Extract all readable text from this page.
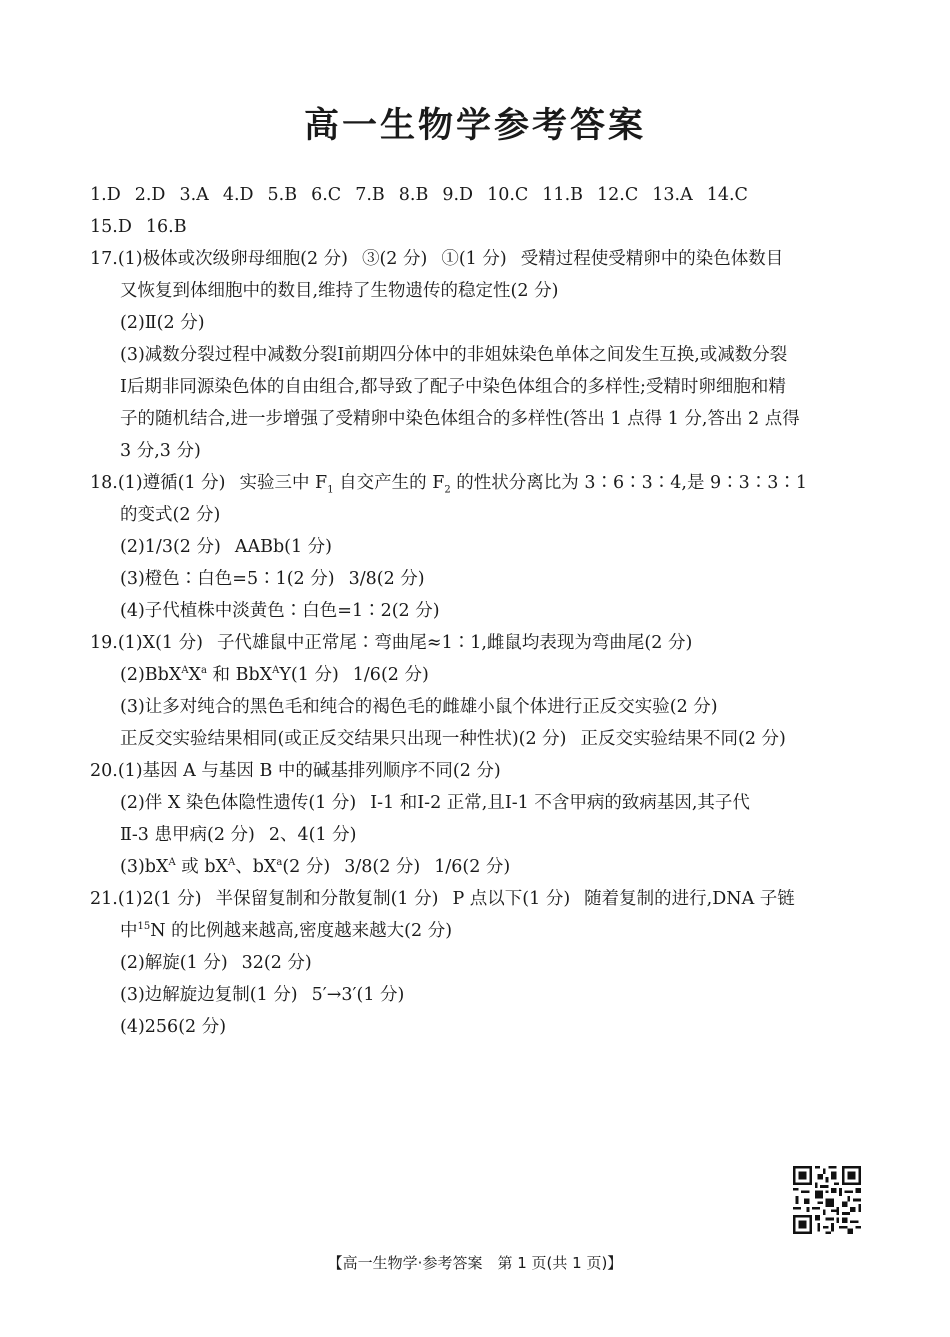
高一生物学参考答案
1.D 2.D 3.A 4.D 5.B 6.C 7.B 8.B 9.D 10.C 11.B 12.C 13.A 14.C
15.D 16.B
17.(1)极体或次级卵母细胞(2 分) ③(2 分) ①(1 分) 受精过程使受精卵中的染色体数目
又恢复到体细胞中的数目,维持了生物遗传的稳定性(2 分)
(2)Ⅱ(2 分)
(3)减数分裂过程中减数分裂Ⅰ前期四分体中的非姐妹染色单体之间发生互换,或减数分裂
Ⅰ后期非同源染色体的自由组合,都导致了配子中染色体组合的多样性;受精时卵细胞和精
子的随机结合,进一步增强了受精卵中染色体组合的多样性(答出 1 点得 1 分,答出 2 点得
3 分,3 分)
18.(1)遵循(1 分) 实验三中 $F_1$ 自交产生的 $F_2$ 的性状分离比为 3∶6∶3∶4,是 9∶3∶3∶1
的变式(2 分)
(2)1/3(2 分) AABb(1 分)
(3)橙色∶白色=5∶1(2 分) 3/8(2 分)
(4)子代植株中淡黄色∶白色=1∶2(2 分)
19.(1)X(1 分) 子代雄鼠中正常尾∶弯曲尾≈1∶1,雌鼠均表现为弯曲尾(2 分)
$(2)BbX^AX^a$ 和 BbX$^A$Y(1 分) 1/6(2 分)
(3)让多对纯合的黑色毛和纯合的褐色毛的雌雄小鼠个体进行正反交实验(2 分)
正反交实验结果相同(或正反交结果只出现一种性状)(2 分) 正反交实验结果不同(2 分)
20.(1)基因 A 与基因 B 中的碱基排列顺序不同(2 分)
(2)伴 X 染色体隐性遗传(1 分) Ⅰ-1 和Ⅰ-2 正常,且Ⅰ-1 不含甲病的致病基因,其子代
Ⅱ-3 患甲病(2 分) 2、4(1 分)
$(3)bX^A$ 或 $bX^A$、$bX^a(2$ 分) 3/8(2 分) 1/6(2 分)
21.(1)2(1 分) 半保留复制和分散复制(1 分) P 点以下(1 分) 随着复制的进行,DNA 子链
中$^{15}$N 的比例越来越高,密度越来越大(2 分)
(2)解旋(1 分) 32(2 分)
(3)边解旋边复制(1 分) 5′→3′(1 分)
(4)256(2 分)
【高一生物学·参考答案　第 1 页(共 1 页)】
